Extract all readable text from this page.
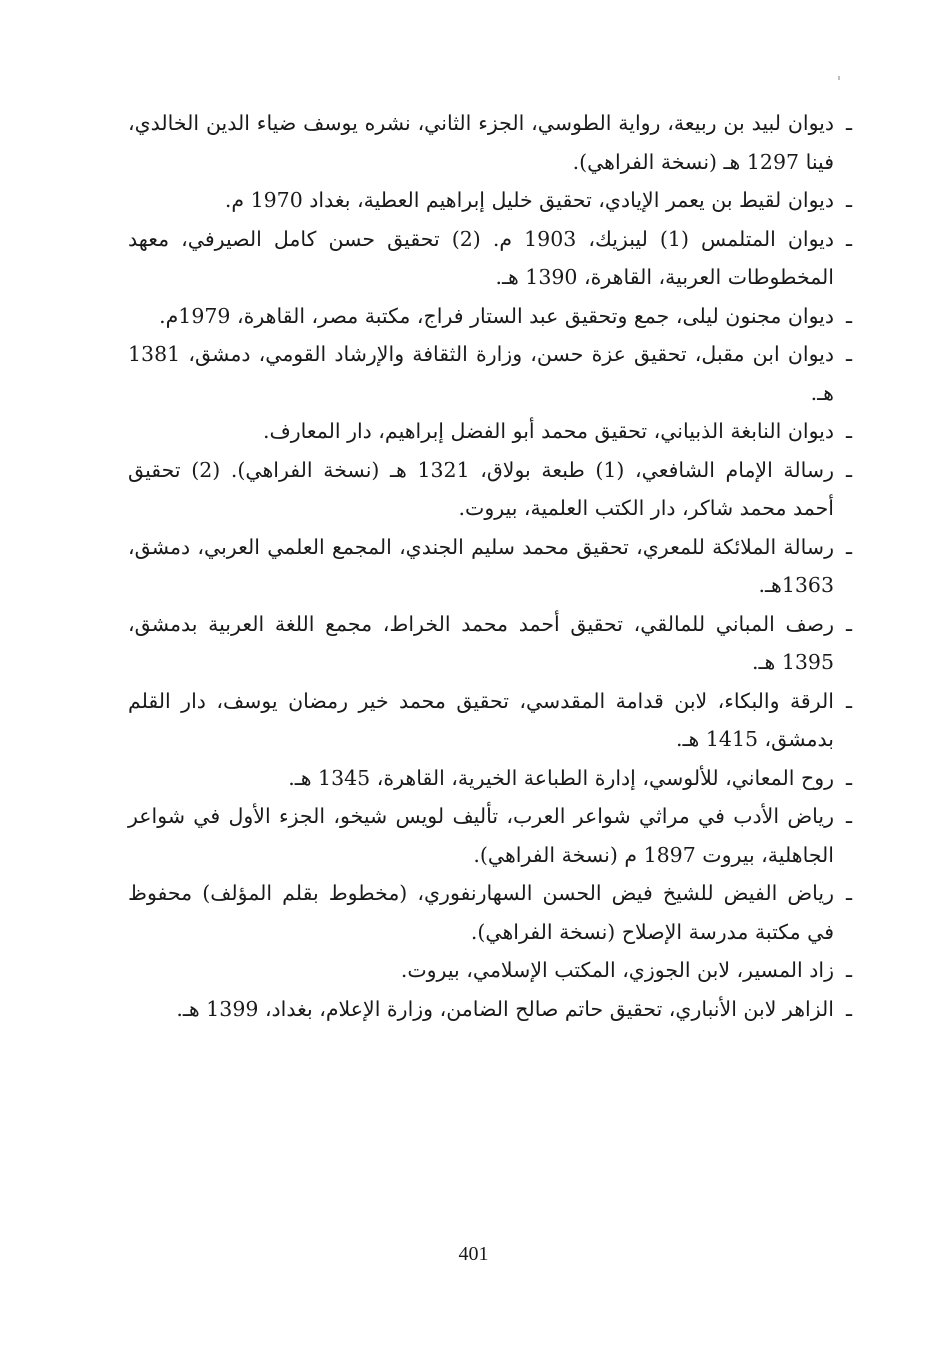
ـ
ديوان لبيد بن ربيعة، رواية الطوسي، الجزء الثاني، نشره يوسف ضياء الدين الخالدي، فينا 1297 هـ (نسخة الفراهي).
ـ
ديوان لقيط بن يعمر الإيادي، تحقيق خليل إبراهيم العطية، بغداد 1970 م.
ـ
ديوان المتلمس (1) ليبزيك، 1903 م. (2) تحقيق حسن كامل الصيرفي، معهد المخطوطات العربية، القاهرة، 1390 هـ.
ـ
ديوان مجنون ليلى، جمع وتحقيق عبد الستار فراج، مكتبة مصر، القاهرة، 1979م.
ـ
ديوان ابن مقبل، تحقيق عزة حسن، وزارة الثقافة والإرشاد القومي، دمشق، 1381 هـ.
ـ
ديوان النابغة الذبياني، تحقيق محمد أبو الفضل إبراهيم، دار المعارف.
ـ
رسالة الإمام الشافعي، (1) طبعة بولاق، 1321 هـ (نسخة الفراهي). (2) تحقيق أحمد محمد شاكر، دار الكتب العلمية، بيروت.
ـ
رسالة الملائكة للمعري، تحقيق محمد سليم الجندي، المجمع العلمي العربي، دمشق، 1363هـ.
ـ
رصف المباني للمالقي، تحقيق أحمد محمد الخراط، مجمع اللغة العربية بدمشق، 1395 هـ.
ـ
الرقة والبكاء، لابن قدامة المقدسي، تحقيق محمد خير رمضان يوسف، دار القلم بدمشق، 1415 هـ.
ـ
روح المعاني، للألوسي، إدارة الطباعة الخيرية، القاهرة، 1345 هـ.
ـ
رياض الأدب في مراثي شواعر العرب، تأليف لويس شيخو، الجزء الأول في شواعر الجاهلية، بيروت 1897 م (نسخة الفراهي).
ـ
رياض الفيض للشيخ فيض الحسن السهارنفوري، (مخطوط بقلم المؤلف) محفوظ في مكتبة مدرسة الإصلاح (نسخة الفراهي).
ـ
زاد المسير، لابن الجوزي، المكتب الإسلامي، بيروت.
ـ
الزاهر لابن الأنباري، تحقيق حاتم صالح الضامن، وزارة الإعلام، بغداد، 1399 هـ.
401
